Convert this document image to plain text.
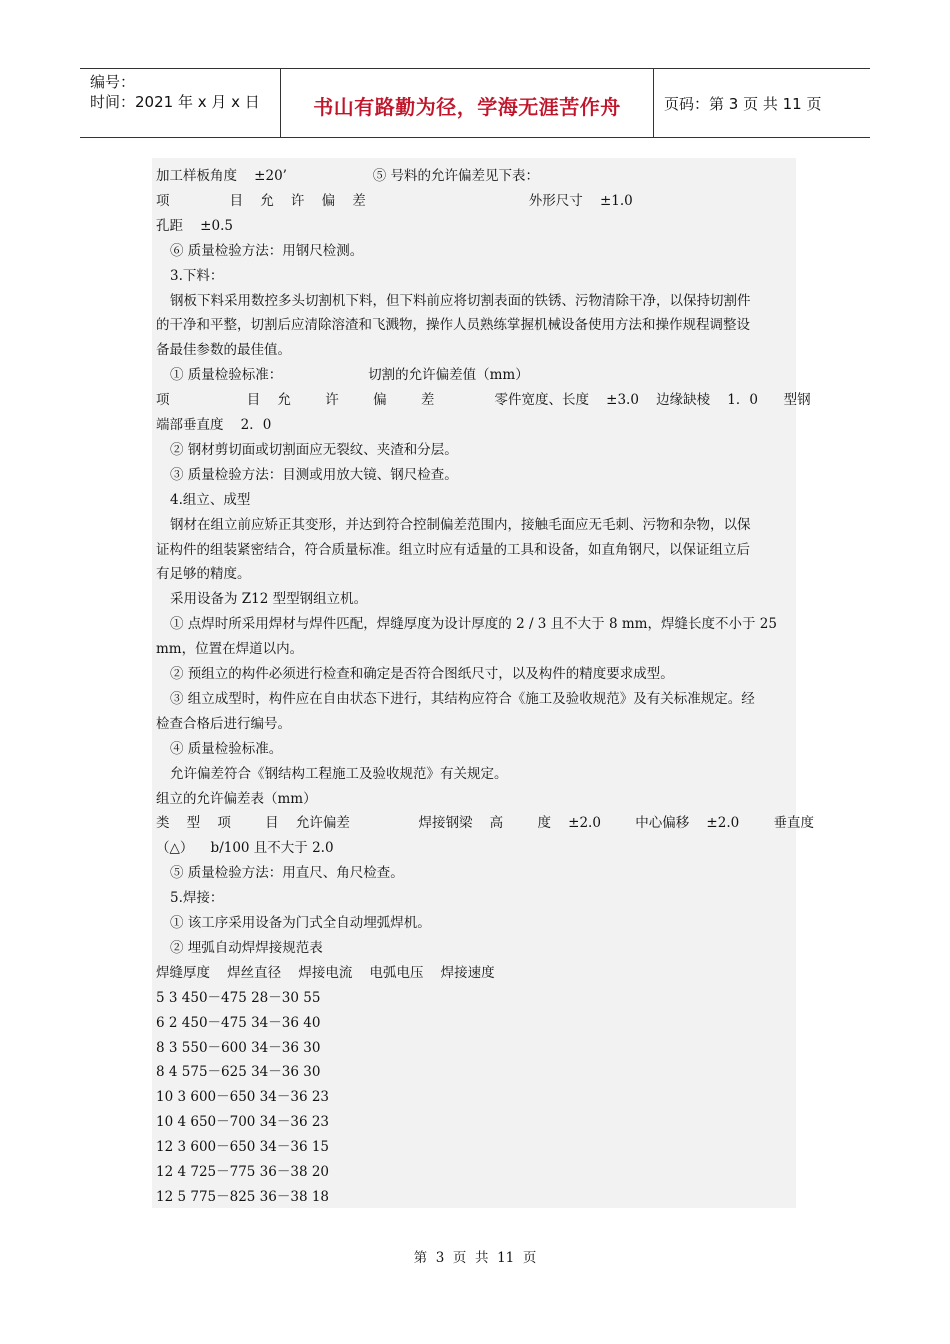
编号：
时间：2021 年 x 月 x 日	书山有路勤为径，学海无涯苦作舟	页码：第 3 页 共 11 页
加工样板角度    ±20’                    ⑤ 号料的允许偏差见下表：
项              目    允    许    偏    差                                      外形尺寸    ±1.0
孔距    ±0.5
⑥ 质量检验方法：用钢尺检测。
3.下料：
钢板下料采用数控多头切割机下料，但下料前应将切割表面的铁锈、污物清除干净，以保持切割件
的干净和平整，切割后应清除溶渣和飞溅物，操作人员熟练掌握机械设备使用方法和操作规程调整设
备最佳参数的最佳值。
① 质量检验标准：                    切割的允许偏差值（mm）
项                  目    允        许        偏        差              零件宽度、长度    ±3.0    边缘缺棱    1．0      型钢
端部垂直度    2．0
② 钢材剪切面或切割面应无裂纹、夹渣和分层。
③ 质量检验方法：目测或用放大镜、钢尺检查。
4.组立、成型
钢材在组立前应矫正其变形，并达到符合控制偏差范围内，接触毛面应无毛刺、污物和杂物，以保
证构件的组装紧密结合，符合质量标准。组立时应有适量的工具和设备，如直角钢尺，以保证组立后
有足够的精度。
采用设备为 Z12 型型钢组立机。
① 点焊时所采用焊材与焊件匹配，焊缝厚度为设计厚度的 2 / 3 且不大于 8 mm，焊缝长度不小于 25
mm，位置在焊道以内。
② 预组立的构件必须进行检查和确定是否符合图纸尺寸，以及构件的精度要求成型。
③ 组立成型时，构件应在自由状态下进行，其结构应符合《施工及验收规范》及有关标准规定。经
检查合格后进行编号。
④ 质量检验标准。
允许偏差符合《钢结构工程施工及验收规范》有关规定。
组立的允许偏差表（mm）
类    型    项        目    允许偏差                焊接钢梁    高        度    ±2.0        中心偏移    ±2.0        垂直度
（△）    b/100 且不大于 2.0
⑤ 质量检验方法：用直尺、角尺检查。
5.焊接：
① 该工序采用设备为门式全自动埋弧焊机。
② 埋弧自动焊焊接规范表
焊缝厚度    焊丝直径    焊接电流    电弧电压    焊接速度
5 3 450－475 28－30 55
6 2 450－475 34－36 40
8 3 550－600 34－36 30
8 4 575－625 34－36 30
10 3 600－650 34－36 23
10 4 650－700 34－36 23
12 3 600－650 34－36 15
12 4 725－775 36－38 20
12 5 775－825 36－38 18
第  3  页  共  11  页
